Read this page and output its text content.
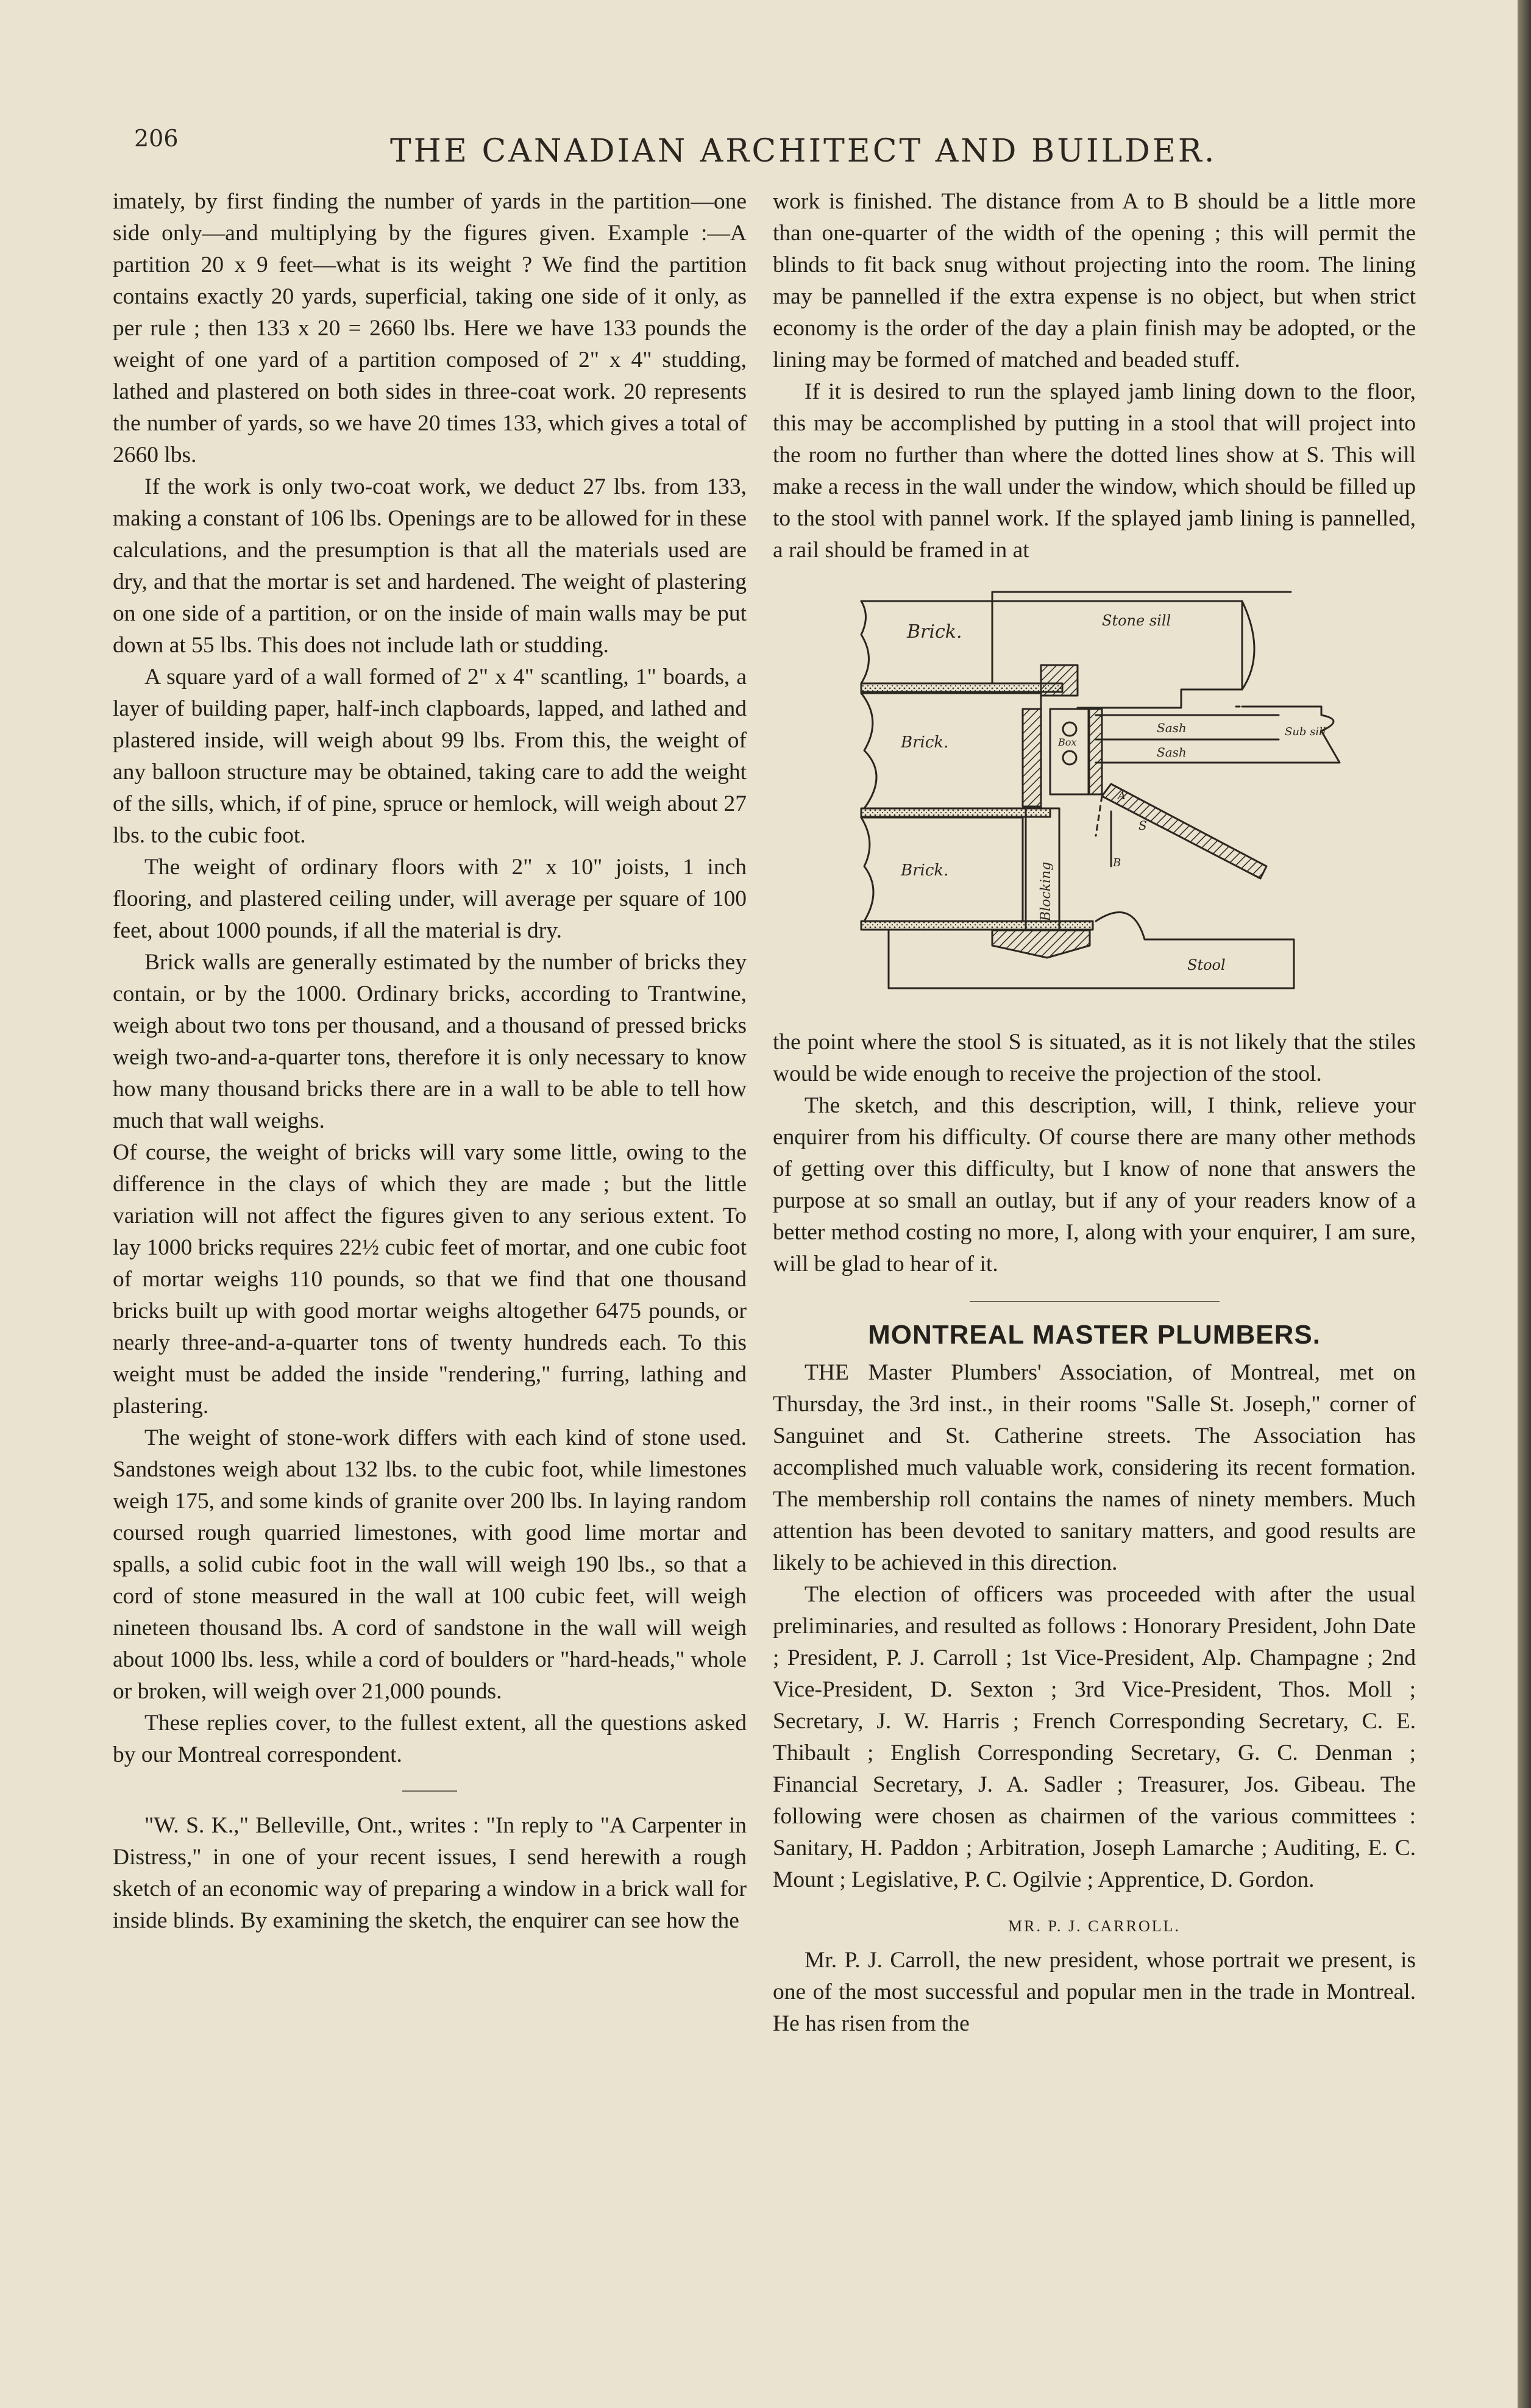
206	THE CANADIAN ARCHITECT AND BUILDER.

imately, by first finding the number of yards in the partition—one side only—and multiplying by the figures given. Example :—A partition 20 x 9 feet—what is its weight ? We find the partition contains exactly 20 yards, superficial, taking one side of it only, as per rule ; then 133 x 20 = 2660 lbs. Here we have 133 pounds the weight of one yard of a partition composed of 2" x 4" studding, lathed and plastered on both sides in three-coat work. 20 represents the number of yards, so we have 20 times 133, which gives a total of 2660 lbs.

If the work is only two-coat work, we deduct 27 lbs. from 133, making a constant of 106 lbs. Openings are to be allowed for in these calculations, and the presumption is that all the materials used are dry, and that the mortar is set and hardened. The weight of plastering on one side of a partition, or on the inside of main walls may be put down at 55 lbs. This does not include lath or studding.

A square yard of a wall formed of 2" x 4" scantling, 1" boards, a layer of building paper, half-inch clapboards, lapped, and lathed and plastered inside, will weigh about 99 lbs. From this, the weight of any balloon structure may be obtained, taking care to add the weight of the sills, which, if of pine, spruce or hemlock, will weigh about 27 lbs. to the cubic foot.

The weight of ordinary floors with 2" x 10" joists, 1 inch flooring, and plastered ceiling under, will average per square of 100 feet, about 1000 pounds, if all the material is dry.

Brick walls are generally estimated by the number of bricks they contain, or by the 1000. Ordinary bricks, according to Trantwine, weigh about two tons per thousand, and a thousand of pressed bricks weigh two-and-a-quarter tons, therefore it is only necessary to know how many thousand bricks there are in a wall to be able to tell how much that wall weighs.

Of course, the weight of bricks will vary some little, owing to the difference in the clays of which they are made ; but the little variation will not affect the figures given to any serious extent. To lay 1000 bricks requires 22½ cubic feet of mortar, and one cubic foot of mortar weighs 110 pounds, so that we find that one thousand bricks built up with good mortar weighs altogether 6475 pounds, or nearly three-and-a-quarter tons of twenty hundreds each. To this weight must be added the inside "rendering," furring, lathing and plastering.

The weight of stone-work differs with each kind of stone used. Sandstones weigh about 132 lbs. to the cubic foot, while limestones weigh 175, and some kinds of granite over 200 lbs. In laying random coursed rough quarried limestones, with good lime mortar and spalls, a solid cubic foot in the wall will weigh 190 lbs., so that a cord of stone measured in the wall at 100 cubic feet, will weigh nineteen thousand lbs. A cord of sandstone in the wall will weigh about 1000 lbs. less, while a cord of boulders or "hard-heads," whole or broken, will weigh over 21,000 pounds.

These replies cover, to the fullest extent, all the questions asked by our Montreal correspondent.

"W. S. K.," Belleville, Ont., writes : "In reply to "A Carpenter in Distress," in one of your recent issues, I send herewith a rough sketch of an economic way of preparing a window in a brick wall for inside blinds. By examining the sketch, the enquirer can see how the

work is finished. The distance from A to B should be a little more than one-quarter of the width of the opening ; this will permit the blinds to fit back snug without projecting into the room. The lining may be pannelled if the extra expense is no object, but when strict economy is the order of the day a plain finish may be adopted, or the lining may be formed of matched and beaded stuff.

If it is desired to run the splayed jamb lining down to the floor, this may be accomplished by putting in a stool that will project into the room no further than where the dotted lines show at S. This will make a recess in the wall under the window, which should be filled up to the stool with pannel work. If the splayed jamb lining is pannelled, a rail should be framed in at

Brick.
Brick.
Brick.
Stone sill
Sash
Sash
Sub sill
Box
Blocking
Stool
A
B
S

the point where the stool S is situated, as it is not likely that the stiles would be wide enough to receive the projection of the stool.

The sketch, and this description, will, I think, relieve your enquirer from his difficulty. Of course there are many other methods of getting over this difficulty, but I know of none that answers the purpose at so small an outlay, but if any of your readers know of a better method costing no more, I, along with your enquirer, I am sure, will be glad to hear of it.

MONTREAL MASTER PLUMBERS.

THE Master Plumbers' Association, of Montreal, met on Thursday, the 3rd inst., in their rooms "Salle St. Joseph," corner of Sanguinet and St. Catherine streets. The Association has accomplished much valuable work, considering its recent formation. The membership roll contains the names of ninety members. Much attention has been devoted to sanitary matters, and good results are likely to be achieved in this direction.

The election of officers was proceeded with after the usual preliminaries, and resulted as follows : Honorary President, John Date ; President, P. J. Carroll ; 1st Vice-President, Alp. Champagne ; 2nd Vice-President, D. Sexton ; 3rd Vice-President, Thos. Moll ; Secretary, J. W. Harris ; French Corresponding Secretary, C. E. Thibault ; English Corresponding Secretary, G. C. Denman ; Financial Secretary, J. A. Sadler ; Treasurer, Jos. Gibeau. The following were chosen as chairmen of the various committees : Sanitary, H. Paddon ; Arbitration, Joseph Lamarche ; Auditing, E. C. Mount ; Legislative, P. C. Ogilvie ; Apprentice, D. Gordon.

MR. P. J. CARROLL.

Mr. P. J. Carroll, the new president, whose portrait we present, is one of the most successful and popular men in the trade in Montreal. He has risen from the
